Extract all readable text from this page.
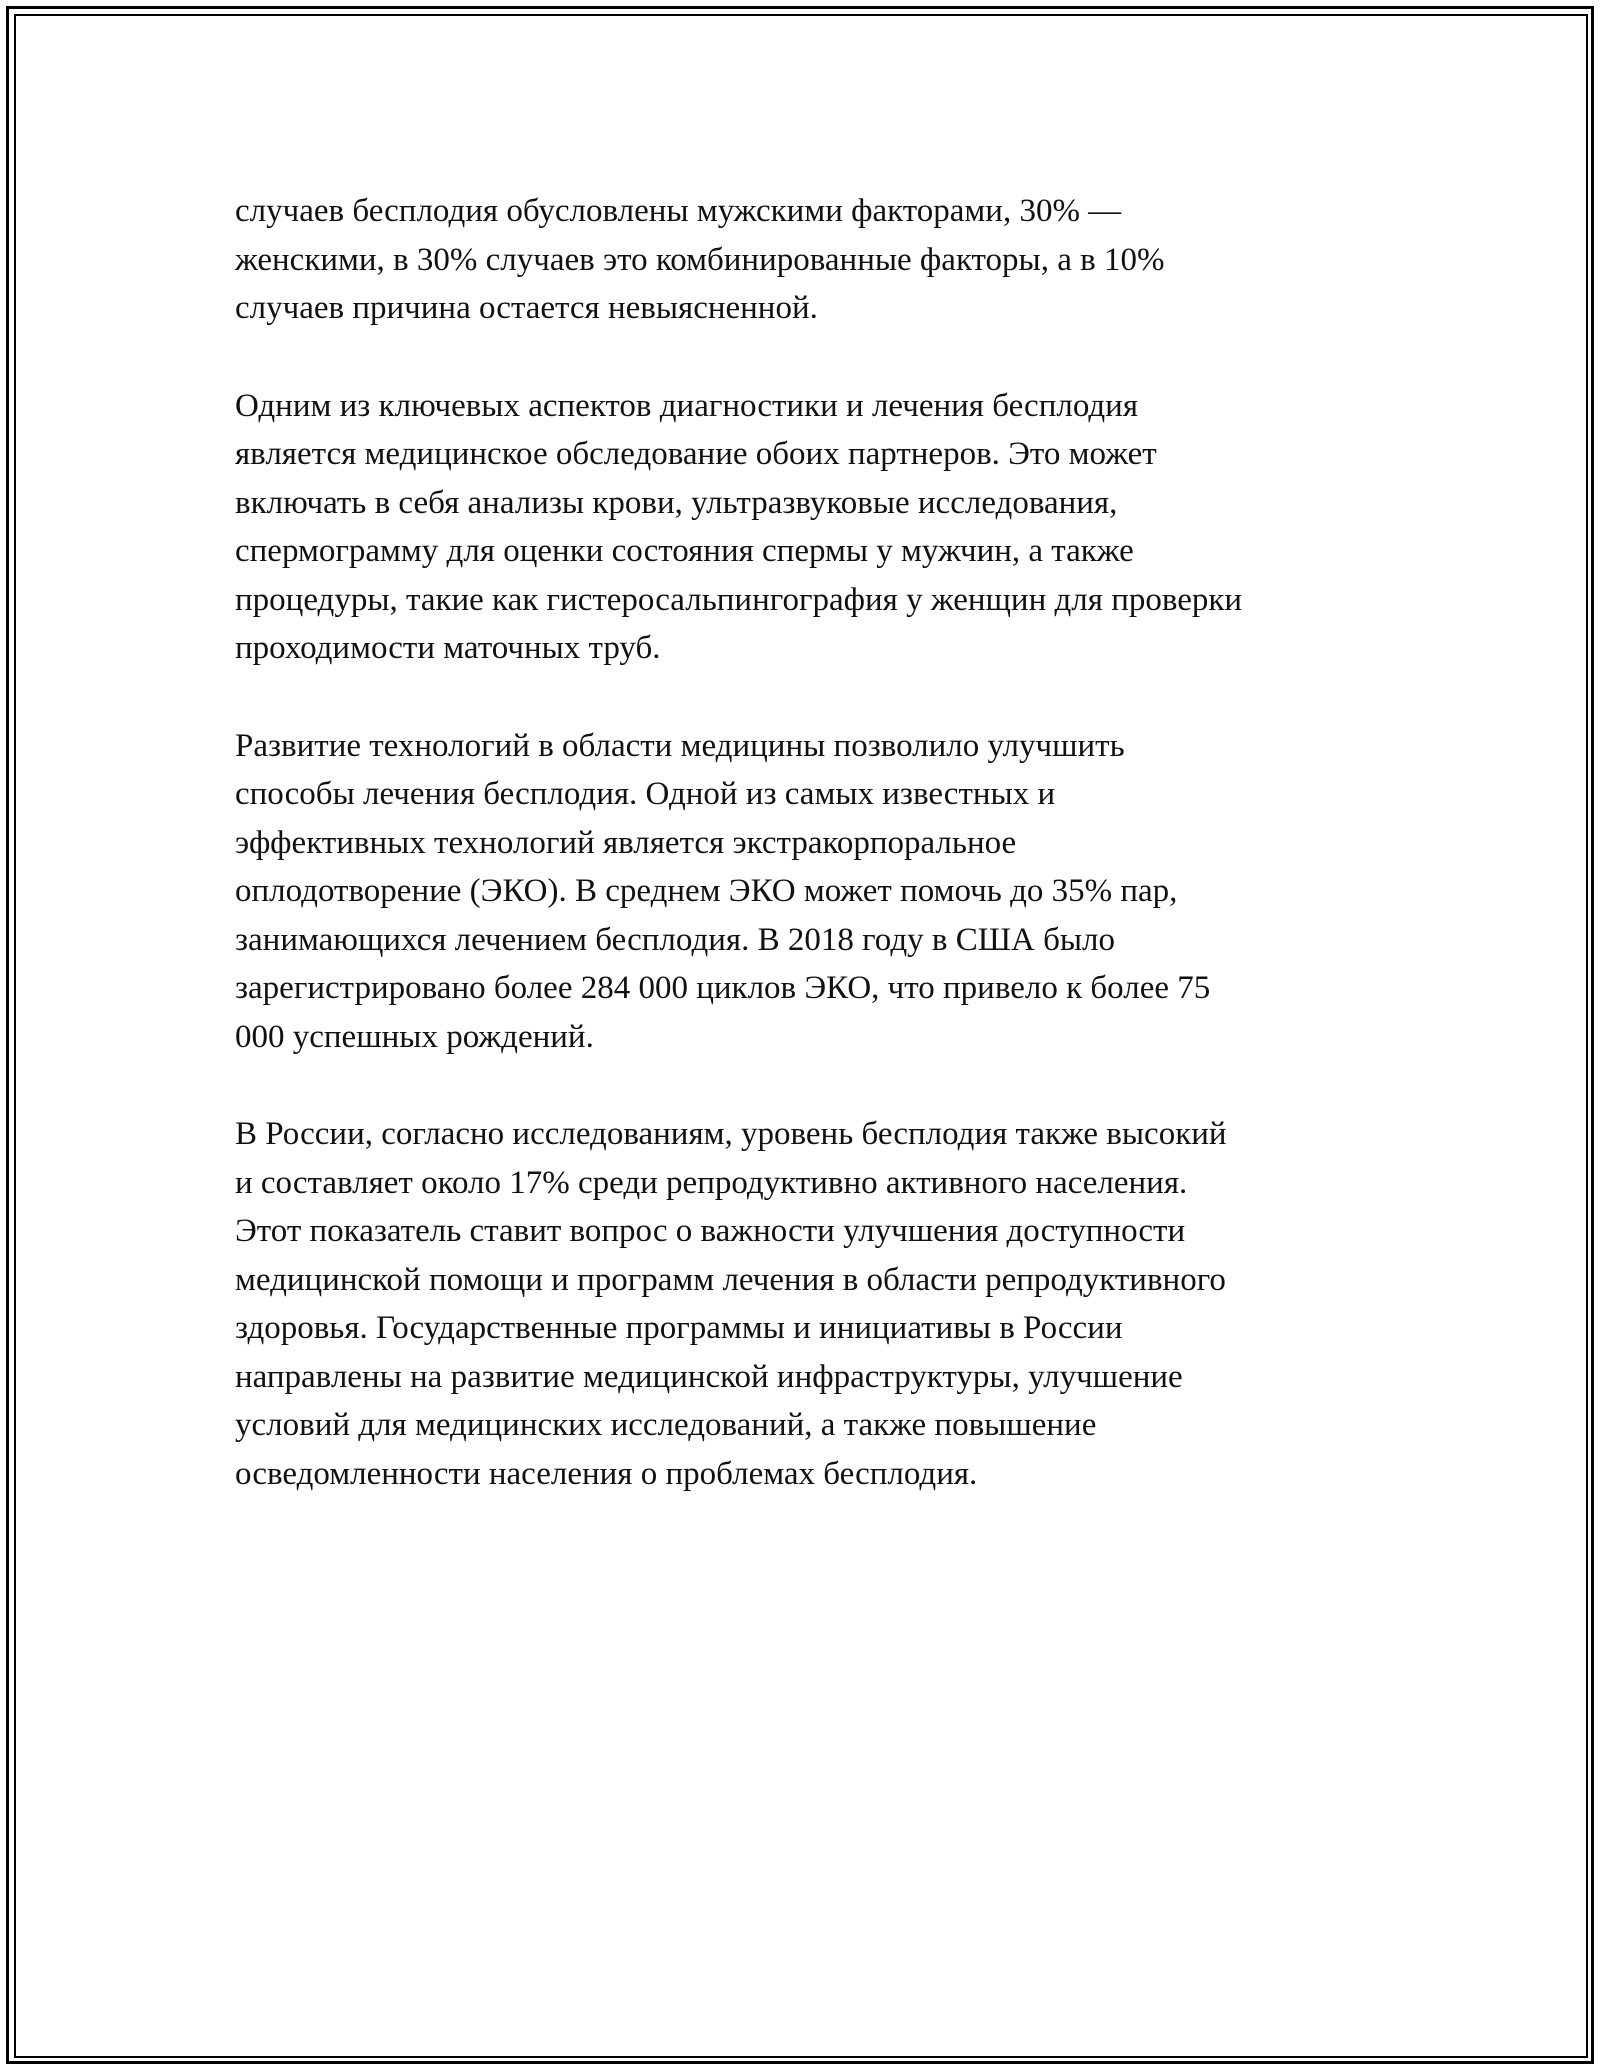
случаев бесплодия обусловлены мужскими факторами, 30% —
женскими, в 30% случаев это комбинированные факторы, а в 10%
случаев причина остается невыясненной.

Одним из ключевых аспектов диагностики и лечения бесплодия
является медицинское обследование обоих партнеров. Это может
включать в себя анализы крови, ультразвуковые исследования,
спермограмму для оценки состояния спермы у мужчин, а также
процедуры, такие как гистеросальпингография у женщин для проверки
проходимости маточных труб.

Развитие технологий в области медицины позволило улучшить
способы лечения бесплодия. Одной из самых известных и
эффективных технологий является экстракорпоральное
оплодотворение (ЭКО). В среднем ЭКО может помочь до 35% пар,
занимающихся лечением бесплодия. В 2018 году в США было
зарегистрировано более 284 000 циклов ЭКО, что привело к более 75
000 успешных рождений.

В России, согласно исследованиям, уровень бесплодия также высокий
и составляет около 17% среди репродуктивно активного населения.
Этот показатель ставит вопрос о важности улучшения доступности
медицинской помощи и программ лечения в области репродуктивного
здоровья. Государственные программы и инициативы в России
направлены на развитие медицинской инфраструктуры, улучшение
условий для медицинских исследований, а также повышение
осведомленности населения о проблемах бесплодия.
